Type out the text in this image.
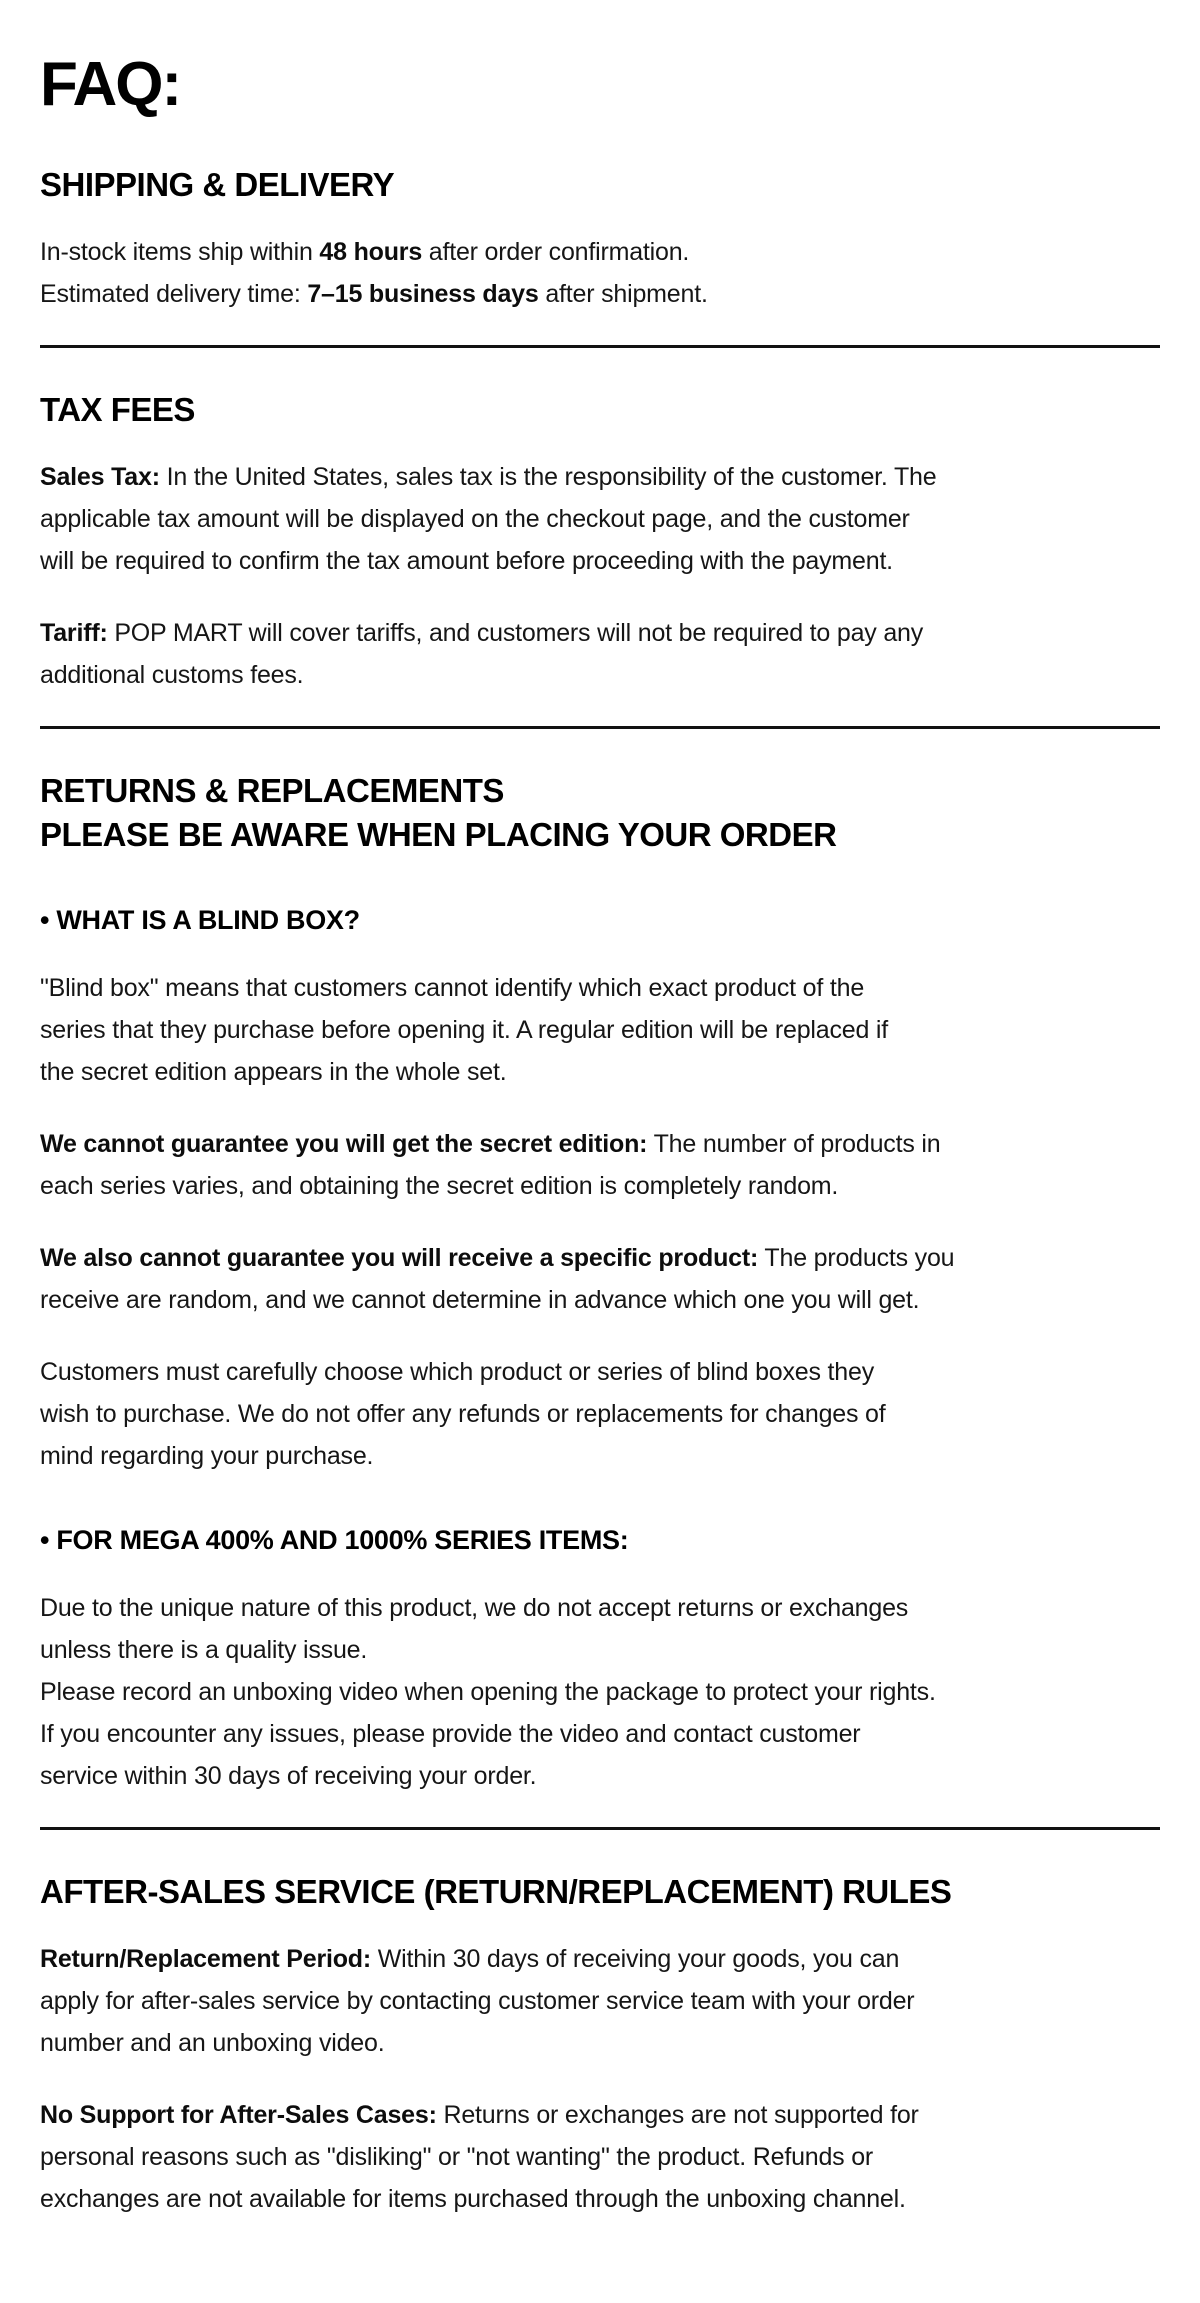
FAQ:
SHIPPING & DELIVERY
In-stock items ship within 48 hours after order confirmation.
Estimated delivery time: 7–15 business days after shipment.
TAX FEES
Sales Tax: In the United States, sales tax is the responsibility of the customer. The
applicable tax amount will be displayed on the checkout page, and the customer
will be required to confirm the tax amount before proceeding with the payment.
Tariff: POP MART will cover tariffs, and customers will not be required to pay any
additional customs fees.
RETURNS & REPLACEMENTS
PLEASE BE AWARE WHEN PLACING YOUR ORDER
• WHAT IS A BLIND BOX?
"Blind box" means that customers cannot identify which exact product of the
series that they purchase before opening it. A regular edition will be replaced if
the secret edition appears in the whole set.
We cannot guarantee you will get the secret edition: The number of products in
each series varies, and obtaining the secret edition is completely random.
We also cannot guarantee you will receive a specific product: The products you
receive are random, and we cannot determine in advance which one you will get.
Customers must carefully choose which product or series of blind boxes they
wish to purchase. We do not offer any refunds or replacements for changes of
mind regarding your purchase.
• FOR MEGA 400% AND 1000% SERIES ITEMS:
Due to the unique nature of this product, we do not accept returns or exchanges
unless there is a quality issue.
Please record an unboxing video when opening the package to protect your rights.
If you encounter any issues, please provide the video and contact customer
service within 30 days of receiving your order.
AFTER-SALES SERVICE (RETURN/REPLACEMENT) RULES
Return/Replacement Period: Within 30 days of receiving your goods, you can
apply for after-sales service by contacting customer service team with your order
number and an unboxing video.
No Support for After-Sales Cases: Returns or exchanges are not supported for
personal reasons such as "disliking" or "not wanting" the product. Refunds or
exchanges are not available for items purchased through the unboxing channel.
